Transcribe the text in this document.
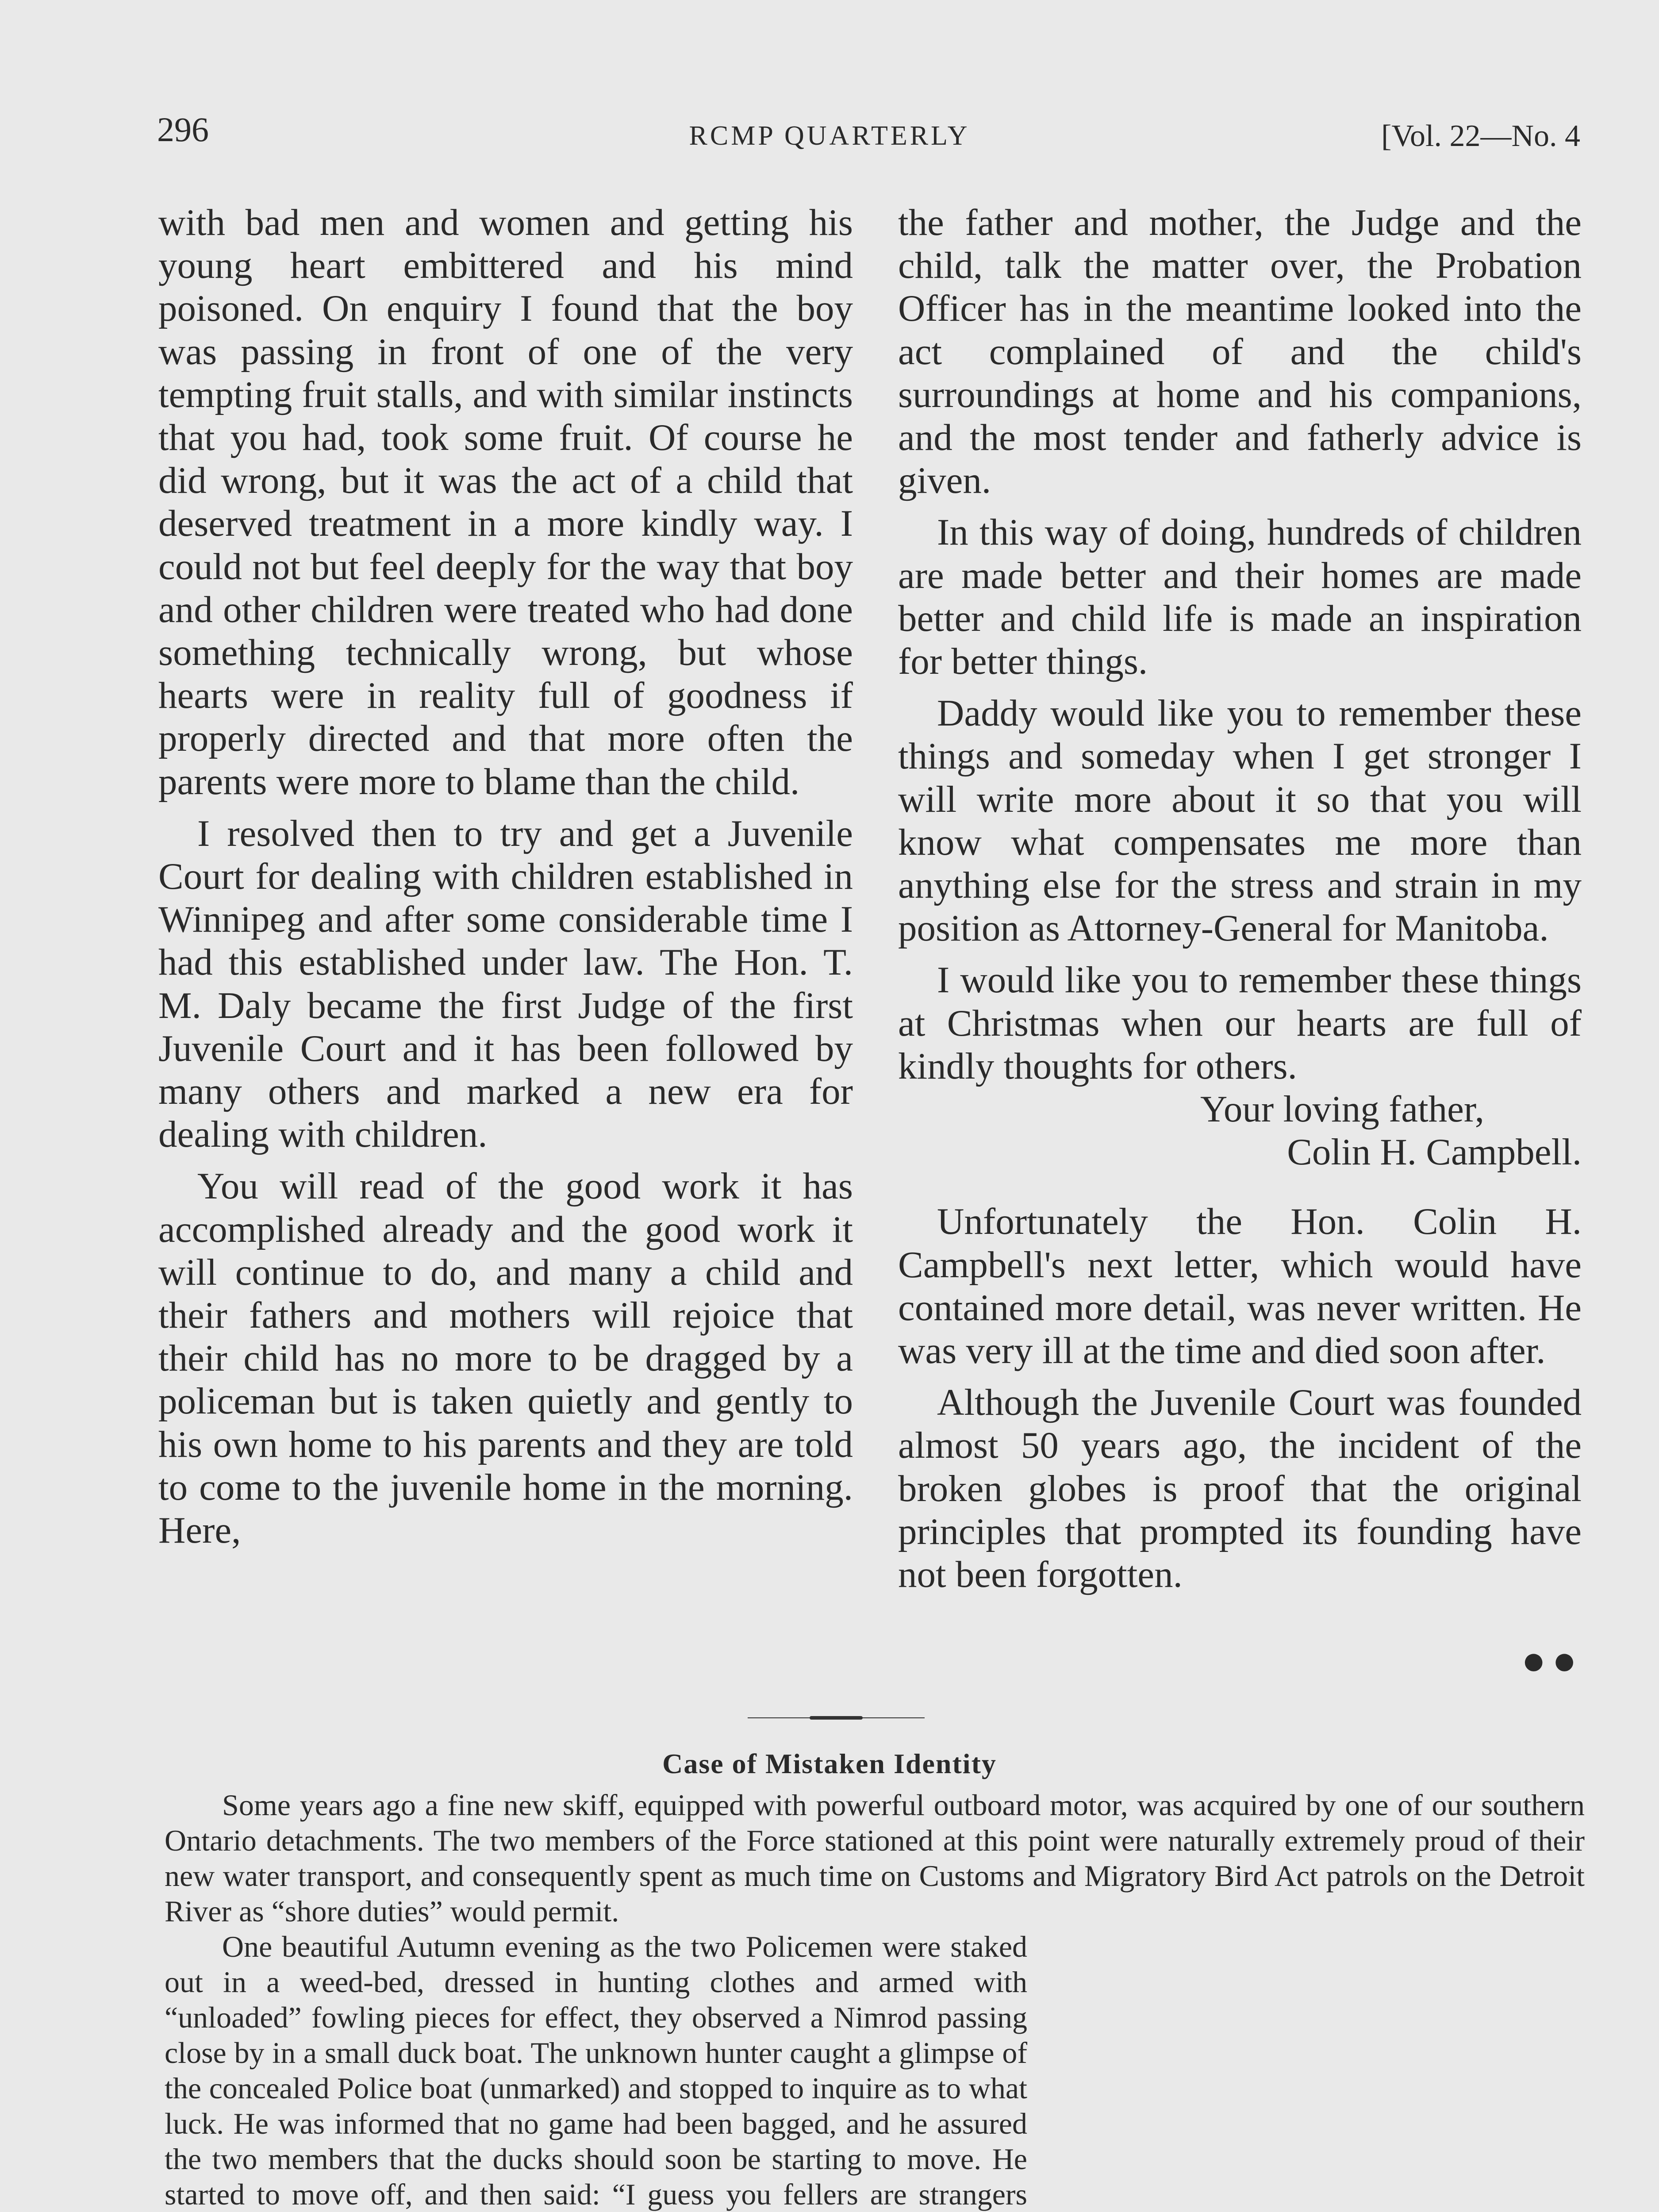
296	RCMP QUARTERLY	[Vol. 22—No. 4

with bad men and women and getting his young heart embittered and his mind poisoned. On enquiry I found that the boy was passing in front of one of the very tempting fruit stalls, and with similar instincts that you had, took some fruit. Of course he did wrong, but it was the act of a child that deserved treatment in a more kindly way. I could not but feel deeply for the way that boy and other children were treated who had done something technically wrong, but whose hearts were in reality full of goodness if properly directed and that more often the parents were more to blame than the child.

I resolved then to try and get a Juvenile Court for dealing with children established in Winnipeg and after some considerable time I had this established under law. The Hon. T. M. Daly became the first Judge of the first Juvenile Court and it has been followed by many others and marked a new era for dealing with children.

You will read of the good work it has accomplished already and the good work it will continue to do, and many a child and their fathers and mothers will rejoice that their child has no more to be dragged by a policeman but is taken quietly and gently to his own home to his parents and they are told to come to the juvenile home in the morning. Here,

the father and mother, the Judge and the child, talk the matter over, the Probation Officer has in the meantime looked into the act complained of and the child's surroundings at home and his companions, and the most tender and fatherly advice is given.

In this way of doing, hundreds of children are made better and their homes are made better and child life is made an inspiration for better things.

Daddy would like you to remember these things and someday when I get stronger I will write more about it so that you will know what compensates me more than anything else for the stress and strain in my position as Attorney-General for Manitoba.

I would like you to remember these things at Christmas when our hearts are full of kindly thoughts for others.

Your loving father,
Colin H. Campbell.

Unfortunately the Hon. Colin H. Campbell's next letter, which would have contained more detail, was never written. He was very ill at the time and died soon after.

Although the Juvenile Court was founded almost 50 years ago, the incident of the broken globes is proof that the original principles that prompted its founding have not been forgotten.

●●
Case of Mistaken Identity

Some years ago a fine new skiff, equipped with powerful outboard motor, was acquired by one of our southern Ontario detachments. The two members of the Force stationed at this point were naturally extremely proud of their new water transport, and consequently spent as much time on Customs and Migratory Bird Act patrols on the Detroit River as “shore duties” would permit.

One beautiful Autumn evening as the two Policemen were staked out in a weed-bed, dressed in hunting clothes and armed with “unloaded” fowling pieces for effect, they observed a Nimrod passing close by in a small duck boat. The unknown hunter caught a glimpse of the concealed Police boat (unmarked) and stopped to inquire as to what luck. He was informed that no game had been bagged, and he assured the two members that the ducks should soon be starting to move. He started to move off, and then said: “I guess you fellers are strangers
